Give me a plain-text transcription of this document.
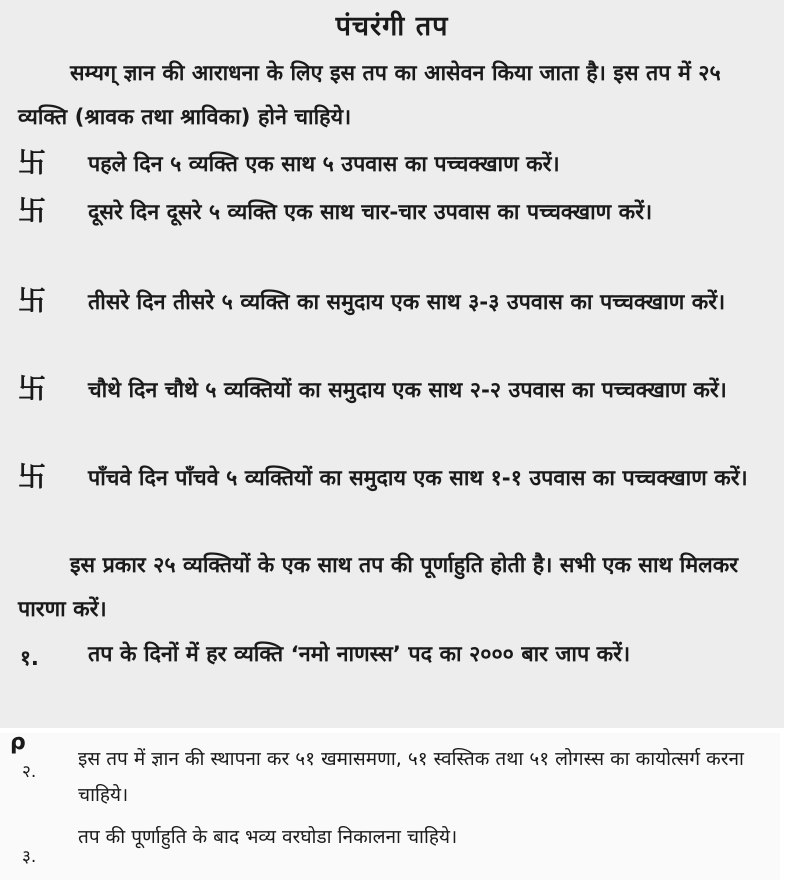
पंचरंगी तप

सम्यग् ज्ञान की आराधना के लिए इस तप का आसेवन किया जाता है। इस तप में २५ व्यक्ति (श्रावक तथा श्राविका) होने चाहिये।

卐 पहले दिन ५ व्यक्ति एक साथ ५ उपवास का पच्चक्खाण करें।

卐 दूसरे दिन दूसरे ५ व्यक्ति एक साथ चार-चार उपवास का पच्चक्खाण करें।

卐 तीसरे दिन तीसरे ५ व्यक्ति का समुदाय एक साथ ३-३ उपवास का पच्चक्खाण करें।

卐 चौथे दिन चौथे ५ व्यक्तियों का समुदाय एक साथ २-२ उपवास का पच्चक्खाण करें।

卐 पाँचवे दिन पाँचवे ५ व्यक्तियों का समुदाय एक साथ १-१ उपवास का पच्चक्खाण करें।

इस प्रकार २५ व्यक्तियों के एक साथ तप की पूर्णाहुति होती है। सभी एक साथ मिलकर पारणा करें।

१. तप के दिनों में हर व्यक्ति ‘नमो नाणस्स’ पद का २००० बार जाप करें।

ρ
२.

इस तप में ज्ञान की स्थापना कर ५१ खमासमणा, ५१ स्वस्तिक तथा ५१ लोगस्स का कायोत्सर्ग करना चाहिये।

३.

तप की पूर्णाहुति के बाद भव्य वरघोडा निकालना चाहिये।
